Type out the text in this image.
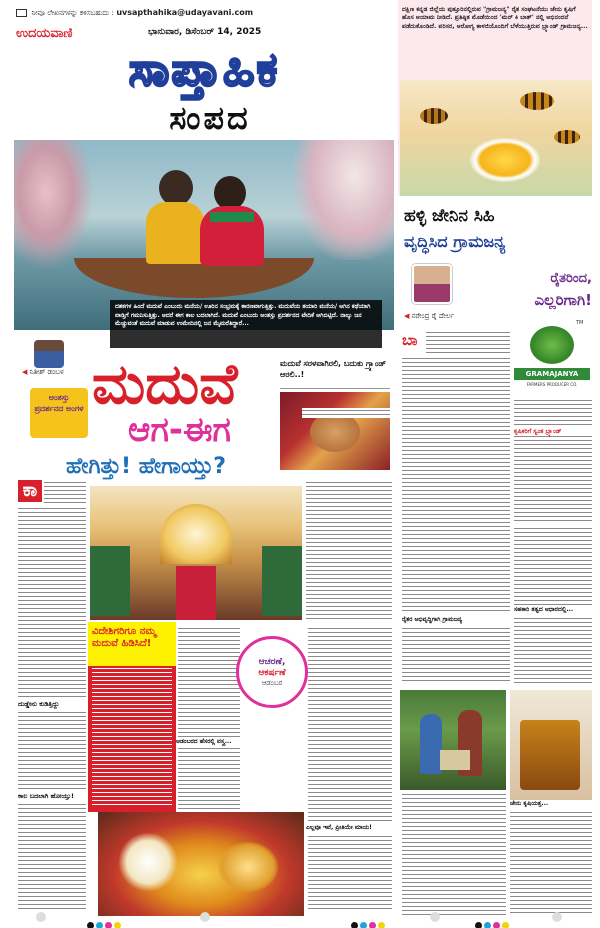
ನೀವೂ ಲೇಖನಗಳನ್ನು ಕಳಿಸಬಹುದು : uvsapthahika@udayavani.com
ಉದಯವಾಣಿ	ಭಾನುವಾರ, ಡಿಸೆಂಬರ್ 14, 2025
ಸಾಪ್ತಾಹಿಕ
ಸಂಪದ
ದಶಕಗಳ ಹಿಂದೆ ಮದುವೆ ಎಂಬುದು ಮನೆಯ/ ಊರಿನ ಸಂಭ್ರಮಕ್ಕೆ ಕಾರಣವಾಗುತ್ತಿತ್ತು. ಮದುವೆಯ ತಯಾರಿ ಮನೆಯ/ ಆಗಿನ ಕಥೆಯಾಗಿ ವಾಡ್ತಿಗೆ ಗಮನಿಸುತ್ತಿತ್ತು. ಆದರೆ ಈಗ ಕಾಲ ಬದಲಾಗಿದೆ. ಮದುವೆ ಎಂಬುದು ಅಂತಸ್ತು ಪ್ರದರ್ಶನದ ವೇದಿಕೆ ಆಗಿಬಿಟ್ಟಿದೆ. ನಾಲ್ಕು ಜನ ಮೆಚ್ಚುವಂತೆ ಮದುವೆ ಮಾಡುವ ಉಮೇದಿನಲ್ಲಿ ಜನ ಮೈಮರೆತಿದ್ದಾರೆ...
◀ ನಿತೀಶ್ ಡಂಬಳ ಮದುವೆ
ಆಗ-ಈಗ
ಹೇಗಿತ್ತು! ಹೇಗಾಯ್ತು?
ಅಂತಸ್ತು ಪ್ರದರ್ಶನದ ಅಂಗಳ
ಮದುವೆ ಸರಳವಾಗಿರಲಿ, ಬದುಕು ಗ್ರ್ಯಾಂಡ್ ಆರಲಿ..!
ಕಾ
ದುಡ್ಡೇನು ಕುಡಿತ್ತಿದ್ದು
ಕಾಲ ಬದಲಾಗಿ ಹೋಯ್ತು!
ವಿದೇಶಿಗರಿಗೂ ನಮ್ಮ ಮದುವೆ ಹಿಡಿಸಿದೆ!
ಆಡಂಬರದ ಹೆಸರಲ್ಲಿ ವಸ್ತ್ರ...
ಆಚರಣೆ,
ಆಕರ್ಷಣೆ
ಆಡಂಬರ
ಎಲ್ಲವೂ ಇವೆ, ಪ್ರೀತಿಯೇ ಮಾಯ!
ದಕ್ಷಿಣ ಕನ್ನಡ ಜಿಲ್ಲೆಯ ಪುತ್ತೂರಿನಲ್ಲಿರುವ "ಗ್ರಾಮಜನ್ಯ" ರೈತ ಸಂಘಟನೆಯು ಜೇನು ಕೃಷಿಗೆ ಹೊಸ ಆಯಾಮ ನೀಡಿದೆ. ಪ್ರತಿಷ್ಠಿತ ಮೊಡೆಯಿಂದ 'ಮನ್ ಕಿ ಬಾತ್' ನಲ್ಲಿ ಅಭಿನಂದನೆ ಪಡೆದುಕೊಂಡಿದೆ. ಪರಿಸರ, ಆರೋಗ್ಯ ಕಾಳಜಿಯೊಂದಿಗೆ ಬೆಳೆಯುತ್ತಿರುವ ಬ್ರ್ಯಾಂಡ್ ಗ್ರಾಮಜನ್ಯ...
ಹಳ್ಳಿ ಜೇನಿನ ಸಿಹಿ
ವೃದ್ಧಿಸಿದ ಗ್ರಾಮಜನ್ಯ
ರೈತರಿಂದ,
ಎಲ್ಲರಿಗಾಗಿ!
◀ ನರೇಂದ್ರ ರೈ ದೇರ್ಲ
ಬಾ
ರೈತರ ಅಭಿವೃದ್ಧಿಗಾಗಿ ಗ್ರಾಮಜನ್ಯ
TM
GRAMAJANYA
FARMERS PRODUCER CO.
ಕೃಷಿಕರಿಗೆ ಸ್ವಂತ ಬ್ರ್ಯಾಂಡ್
ಸಹಕಾರಿ ತತ್ವದ ಆಧಾರದಲ್ಲಿ...
ಜೇನು ಕೃಷಿಯತ್ತ...
